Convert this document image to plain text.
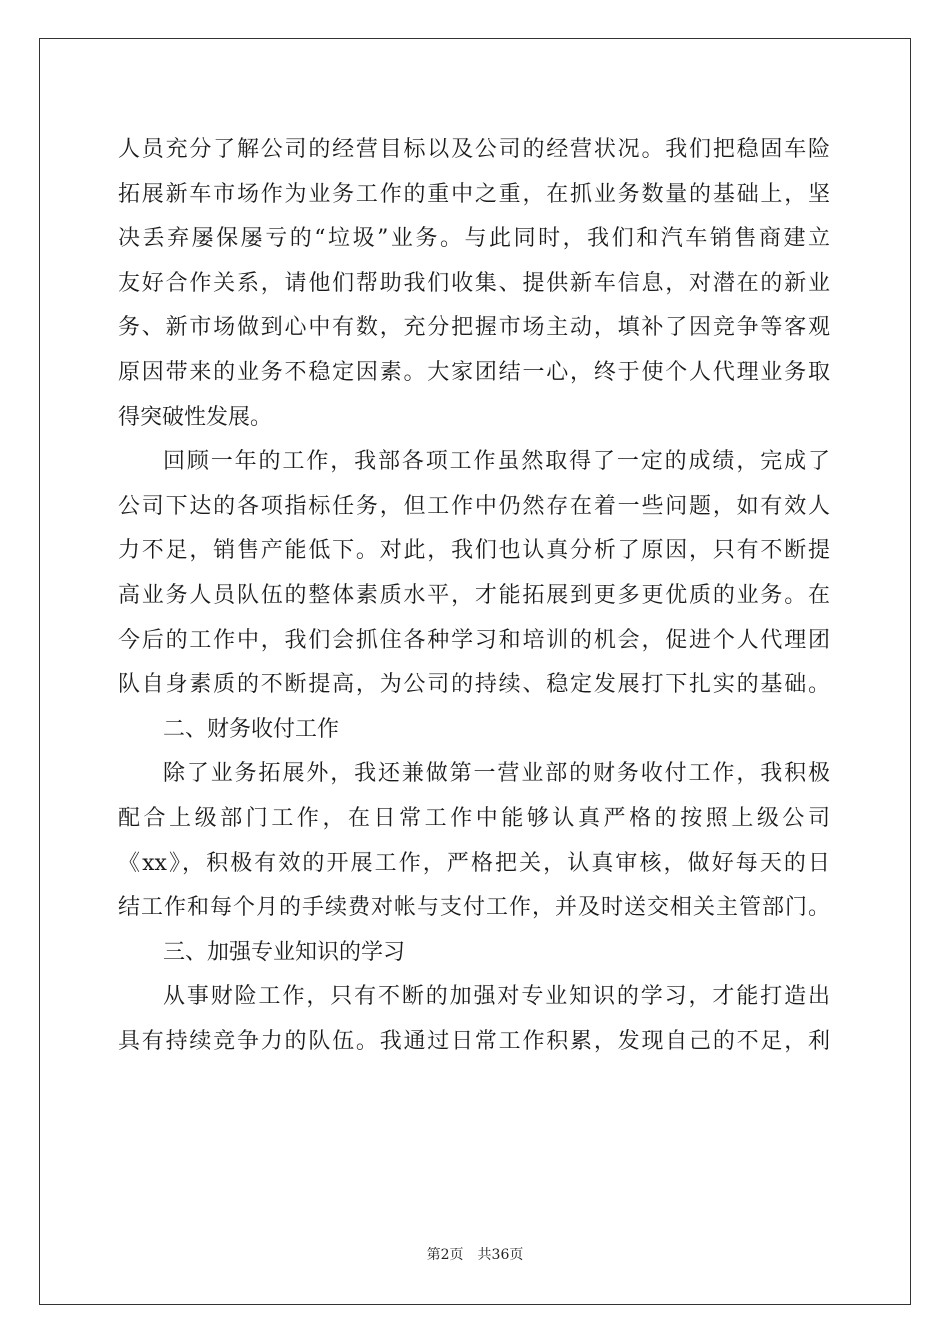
人员充分了解公司的经营目标以及公司的经营状况。我们把稳固车险
拓展新车市场作为业务工作的重中之重，在抓业务数量的基础上，坚
决丢弃屡保屡亏的“垃圾”业务。与此同时，我们和汽车销售商建立
友好合作关系，请他们帮助我们收集、提供新车信息，对潜在的新业
务、新市场做到心中有数，充分把握市场主动，填补了因竞争等客观
原因带来的业务不稳定因素。大家团结一心，终于使个人代理业务取
得突破性发展。
回顾一年的工作，我部各项工作虽然取得了一定的成绩，完成了
公司下达的各项指标任务，但工作中仍然存在着一些问题，如有效人
力不足，销售产能低下。对此，我们也认真分析了原因，只有不断提
高业务人员队伍的整体素质水平，才能拓展到更多更优质的业务。在
今后的工作中，我们会抓住各种学习和培训的机会，促进个人代理团
队自身素质的不断提高，为公司的持续、稳定发展打下扎实的基础。
二、财务收付工作
除了业务拓展外，我还兼做第一营业部的财务收付工作，我积极
配合上级部门工作，在日常工作中能够认真严格的按照上级公司
《xx》，积极有效的开展工作，严格把关，认真审核，做好每天的日
结工作和每个月的手续费对帐与支付工作，并及时送交相关主管部门。
三、加强专业知识的学习
从事财险工作，只有不断的加强对专业知识的学习，才能打造出
具有持续竞争力的队伍。我通过日常工作积累，发现自己的不足，利
第2页 共36页
